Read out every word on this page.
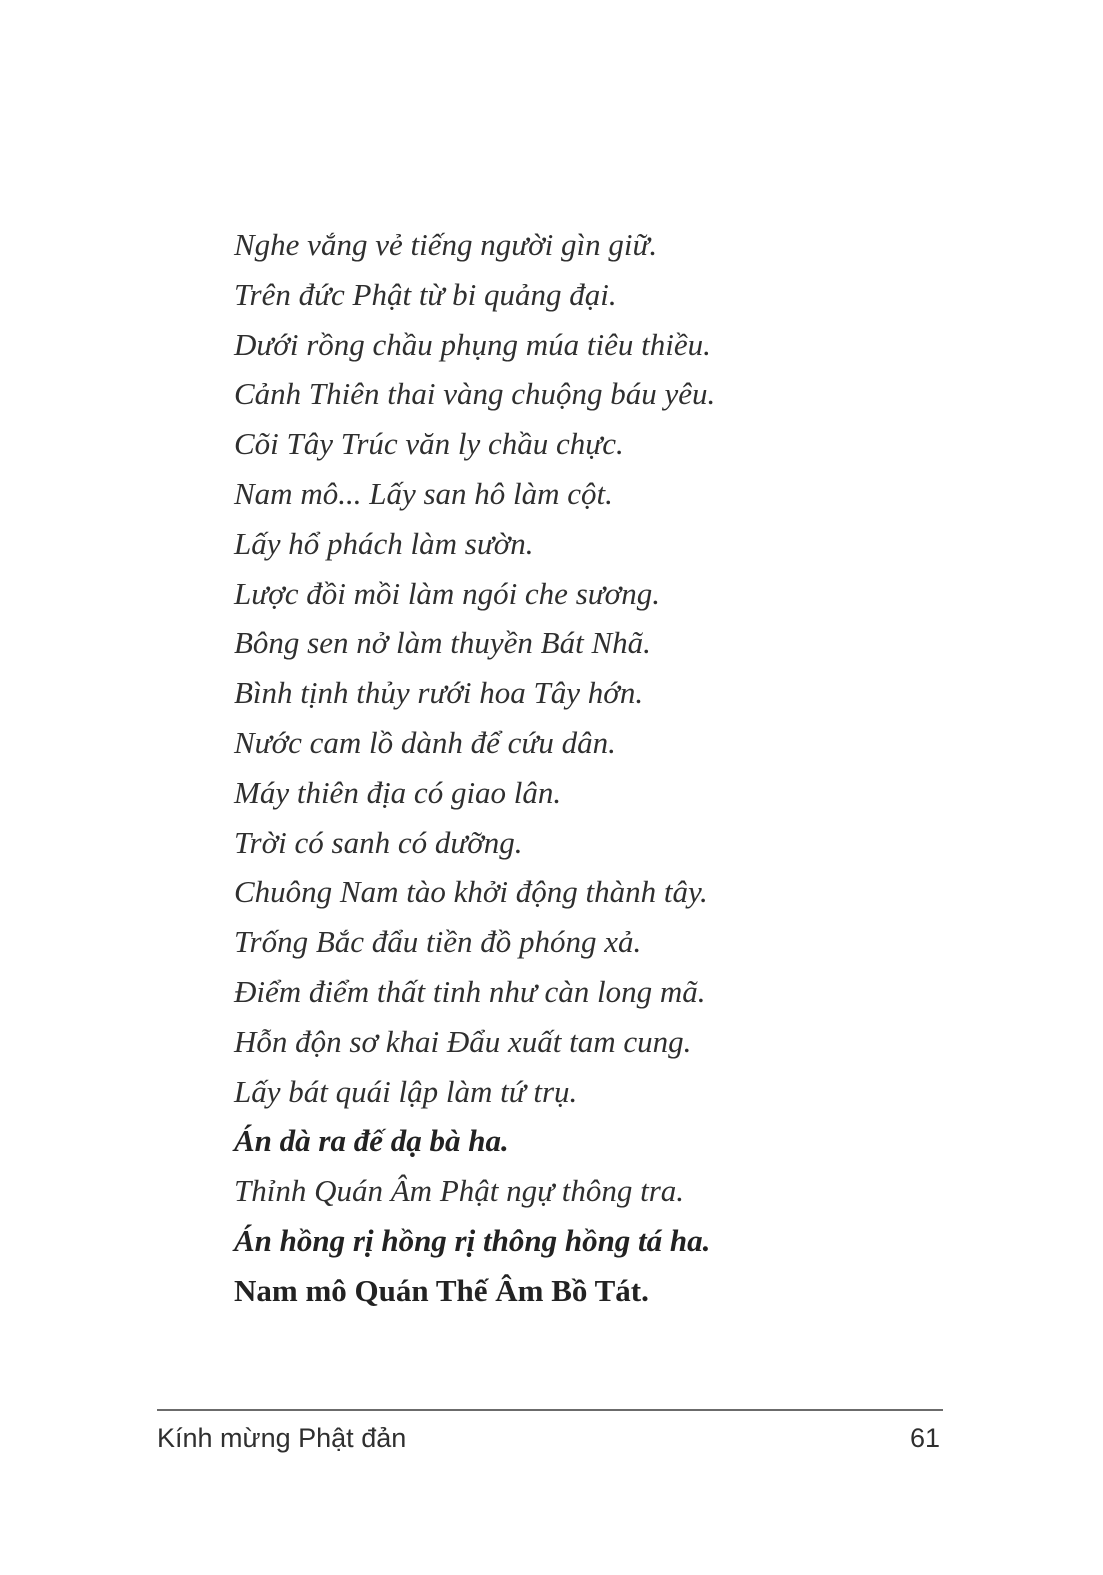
Nghe vắng vẻ tiếng người gìn giữ.
Trên đức Phật từ bi quảng đại.
Dưới rồng chầu phụng múa tiêu thiều.
Cảnh Thiên thai vàng chuộng báu yêu.
Cõi Tây Trúc văn ly chầu chực.
Nam mô... Lấy san hô làm cột.
Lấy hổ phách làm sườn.
Lược đồi mồi làm ngói che sương.
Bông sen nở làm thuyền Bát Nhã.
Bình tịnh thủy rưới hoa Tây hớn.
Nước cam lồ dành để cứu dân.
Máy thiên địa có giao lân.
Trời có sanh có dưỡng.
Chuông Nam tào khởi động thành tây.
Trống Bắc đẩu tiền đồ phóng xả.
Điểm điểm thất tinh như càn long mã.
Hỗn độn sơ khai Đẩu xuất tam cung.
Lấy bát quái lập làm tứ trụ.
Án dà ra đế dạ bà ha.
Thỉnh Quán Âm Phật ngự thông tra.
Án hồng rị hồng rị thông hồng tá ha.
Nam mô Quán Thế Âm Bồ Tát.
Kính mừng Phật đản	61
